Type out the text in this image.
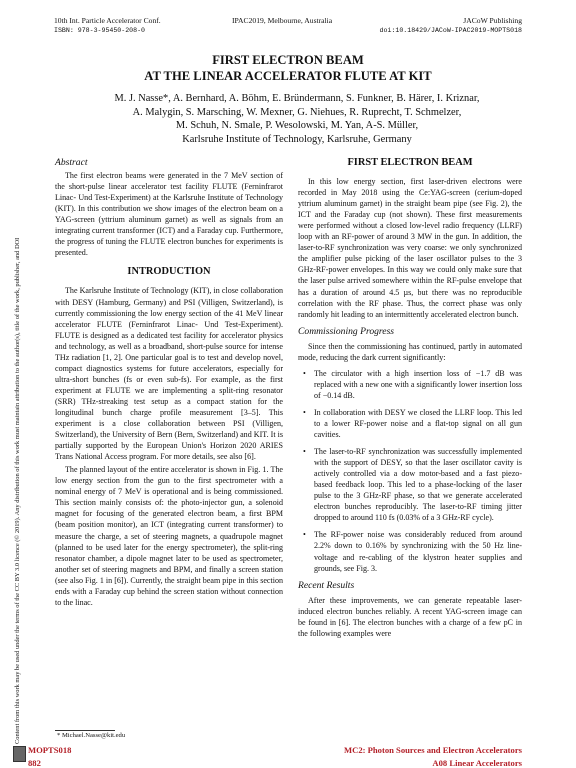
10th Int. Particle Accelerator Conf.
ISBN: 978-3-95450-208-0
IPAC2019, Melbourne, Australia	JACoW Publishing
doi:10.18429/JACoW-IPAC2019-MOPTS018
Content from this work may be used under the terms of the CC BY 3.0 licence (© 2019). Any distribution of this work must maintain attribution to the author(s), title of the work, publisher, and DOI
FIRST ELECTRON BEAM
AT THE LINEAR ACCELERATOR FLUTE AT KIT
M. J. Nasse*, A. Bernhard, A. Böhm, E. Bründermann, S. Funkner, B. Härer, I. Kriznar,
A. Malygin, S. Marsching, W. Mexner, G. Niehues, R. Ruprecht, T. Schmelzer,
M. Schuh, N. Smale, P. Wesolowski, M. Yan, A-S. Müller,
Karlsruhe Institute of Technology, Karlsruhe, Germany
Abstract

The first electron beams were generated in the 7 MeV section of the short-pulse linear accelerator test facility FLUTE (Ferninfrarot Linac- Und Test-Experiment) at the Karlsruhe Institute of Technology (KIT). In this contribution we show images of the electron beam on a YAG-screen (yttrium aluminum garnet) as well as signals from an integrating current transformer (ICT) and a Faraday cup. Furthermore, the progress of tuning the FLUTE electron bunches for experiments is presented.

INTRODUCTION

The Karlsruhe Institute of Technology (KIT), in close collaboration with DESY (Hamburg, Germany) and PSI (Villigen, Switzerland), is currently commissioning the low energy section of the 41 MeV linear accelerator FLUTE (Ferninfrarot Linac- Und Test-Experiment). FLUTE is designed as a dedicated test facility for accelerator physics and technology, as well as a broadband, short-pulse source for intense THz radiation [1, 2]. One particular goal is to test and develop novel, compact diagnostics systems for future accelerators, especially for ultra-short bunches (fs or even sub-fs). For example, as the first experiment at FLUTE we are implementing a split-ring resonator (SRR) THz-streaking test setup as a compact station for the longitudinal bunch charge profile measurement [3–5]. This experiment is a close collaboration between PSI (Villigen, Switzerland), the University of Bern (Bern, Switzerland) and KIT. It is partially supported by the European Union's Horizon 2020 ARIES Trans National Access program. For more details, see also [6].

The planned layout of the entire accelerator is shown in Fig. 1. The low energy section from the gun to the first spectrometer with a nominal energy of 7 MeV is operational and is being commissioned. This section mainly consists of: the photo-injector gun, a solenoid magnet for focusing of the generated electron beam, a first BPM (beam position monitor), an ICT (integrating current transformer) to measure the charge, a set of steering magnets, a quadrupole magnet (planned to be used later for the energy spectrometer), the split-ring resonator chamber, a dipole magnet later to be used as spectrometer, another set of steering magnets and BPM, and finally a screen station (see also Fig. 1 in [6]). Currently, the straight beam pipe in this section ends with a Faraday cup behind the screen station without connection to the linac.

* Michael.Nasse@kit.edu
FIRST ELECTRON BEAM

In this low energy section, first laser-driven electrons were recorded in May 2018 using the Ce:YAG-screen (cerium-doped yttrium aluminum garnet) in the straight beam pipe (see Fig. 2), the ICT and the Faraday cup (not shown). These first measurements were performed without a closed low-level radio frequency (LLRF) loop with an RF-power of around 3 MW in the gun. In addition, the laser-to-RF synchronization was very coarse: we only synchronized the amplifier pulse picking of the laser oscillator pulses to the 3 GHz-RF-power envelopes. In this way we could only make sure that the laser pulse arrived somewhere within the RF-pulse envelope that has a duration of around 4.5 µs, but there was no reproducible correlation with the RF phase. Thus, the correct phase was only randomly hit leading to an intermittently accelerated electron bunch.

Commissioning Progress

Since then the commissioning has continued, partly in automated mode, reducing the dark current significantly:

• The circulator with a high insertion loss of −1.7 dB was replaced with a new one with a significantly lower insertion loss of −0.14 dB.
• In collaboration with DESY we closed the LLRF loop. This led to a lower RF-power noise and a flat-top signal on all gun cavities.
• The laser-to-RF synchronization was successfully implemented with the support of DESY, so that the laser oscillator cavity is actively controlled via a dow motor-based and a fast piezo-based feedback loop. This led to a phase-locking of the laser pulse to the 3 GHz-RF phase, so that we generate accelerated electron bunches reproducibly. The laser-to-RF timing jitter dropped to around 110 fs (0.03% of a 3 GHz-RF cycle).
• The RF-power noise was considerably reduced from around 2.2% down to 0.16% by synchronizing with the 50 Hz line-voltage and re-cabling of the klystron heater supplies and grounds, see Fig. 3.
Recent Results

After these improvements, we can generate repeatable laser-induced electron bunches reliably. A recent YAG-screen image can be found in [6]. The electron bunches with a charge of a few pC in the following examples were

MOPTS018
882
MC2: Photon Sources and Electron Accelerators
A08 Linear Accelerators
